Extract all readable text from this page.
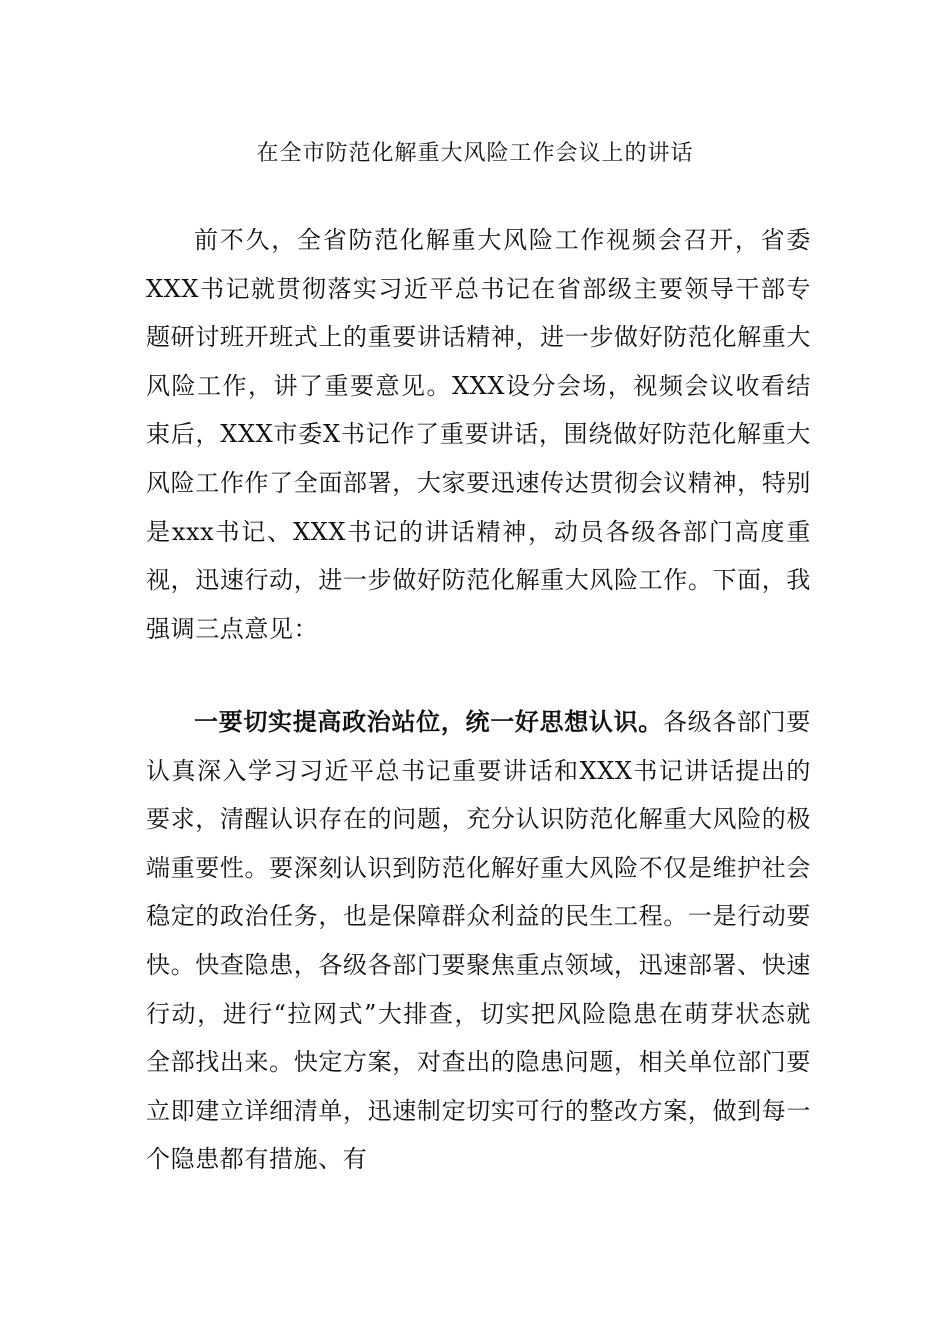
在全市防范化解重大风险工作会议上的讲话

前不久，全省防范化解重大风险工作视频会召开，省委XXX书记就贯彻落实习近平总书记在省部级主要领导干部专题研讨班开班式上的重要讲话精神，进一步做好防范化解重大风险工作，讲了重要意见。XXX设分会场，视频会议收看结束后，XXX市委X书记作了重要讲话，围绕做好防范化解重大风险工作作了全面部署，大家要迅速传达贯彻会议精神，特别是xxx书记、XXX书记的讲话精神，动员各级各部门高度重视，迅速行动，进一步做好防范化解重大风险工作。下面，我强调三点意见：

一要切实提高政治站位，统一好思想认识。各级各部门要认真深入学习习近平总书记重要讲话和XXX书记讲话提出的要求，清醒认识存在的问题，充分认识防范化解重大风险的极端重要性。要深刻认识到防范化解好重大风险不仅是维护社会稳定的政治任务，也是保障群众利益的民生工程。一是行动要快。快查隐患，各级各部门要聚焦重点领域，迅速部署、快速行动，进行“拉网式”大排查，切实把风险隐患在萌芽状态就全部找出来。快定方案，对查出的隐患问题，相关单位部门要立即建立详细清单，迅速制定切实可行的整改方案，做到每一个隐患都有措施、有
